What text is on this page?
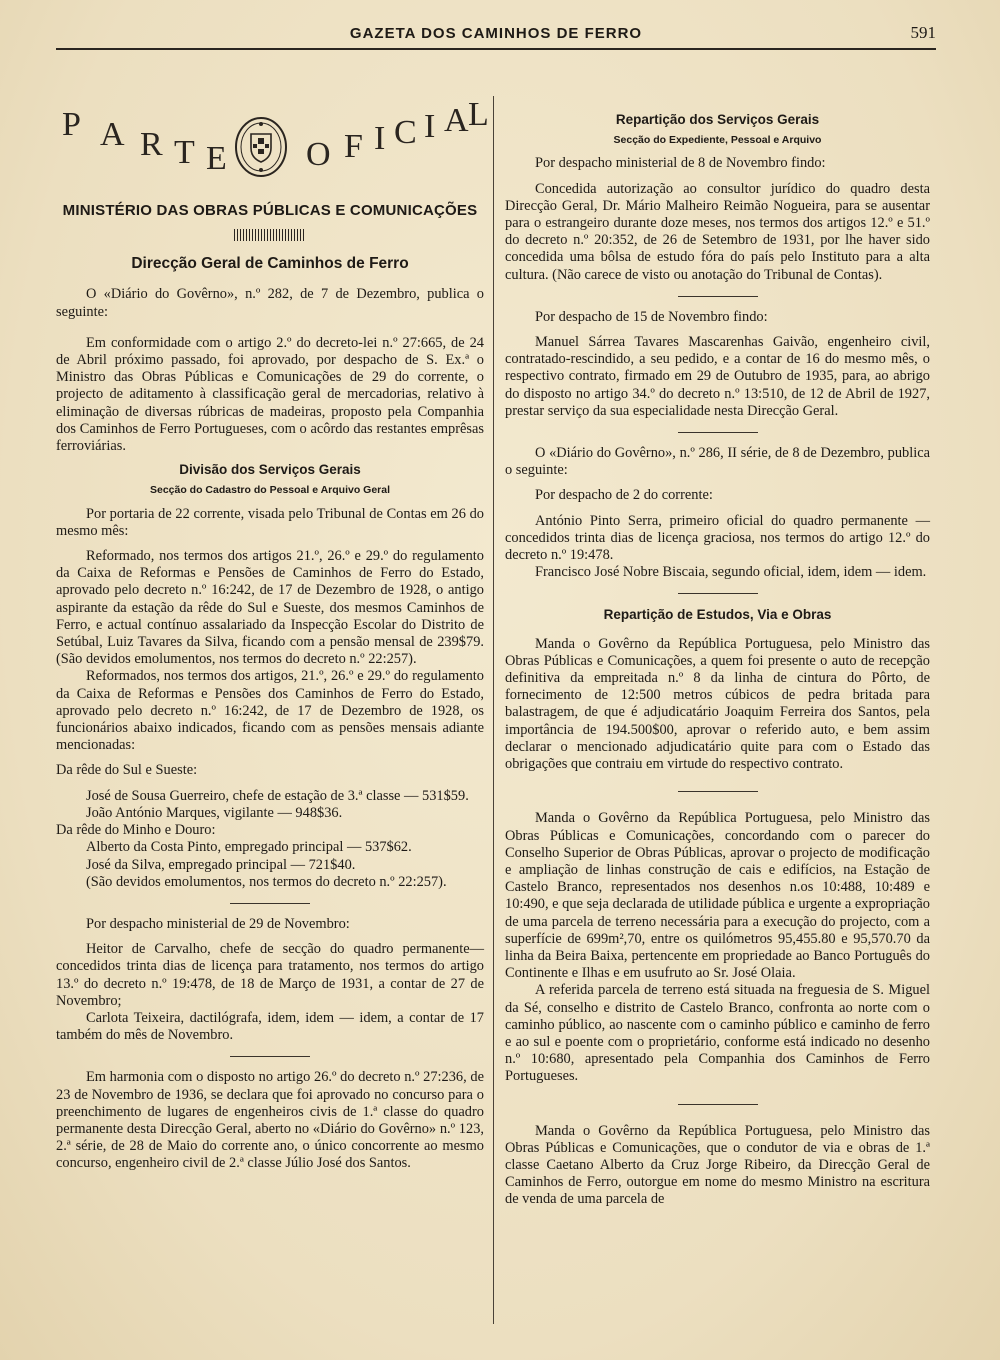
GAZETA DOS CAMINHOS DE FERRO	591
P A R T E O F I C I A
L
MINISTÉRIO DAS OBRAS PÚBLICAS E COMUNICAÇÕES
Direcção Geral de Caminhos de Ferro

O «Diário do Govêrno», n.º 282, de 7 de Dezembro, publica o seguinte:

Em conformidade com o artigo 2.º do decreto-lei n.º 27:665, de 24 de Abril próximo passado, foi aprovado, por despacho de S. Ex.ª o Ministro das Obras Públicas e Comunicações de 29 do corrente, o projecto de aditamento à classificação geral de mercadorias, relativo à eliminação de diversas rúbricas de madeiras, proposto pela Companhia dos Caminhos de Ferro Portugueses, com o acôrdo das restantes emprêsas ferroviárias.

Divisão dos Serviços Gerais
Secção do Cadastro do Pessoal e Arquivo Geral

Por portaria de 22 corrente, visada pelo Tribunal de Contas em 26 do mesmo mês:

Reformado, nos termos dos artigos 21.º, 26.º e 29.º do regulamento da Caixa de Reformas e Pensões de Caminhos de Ferro do Estado, aprovado pelo decreto n.º 16:242, de 17 de Dezembro de 1928, o antigo aspirante da estação da rêde do Sul e Sueste, dos mesmos Caminhos de Ferro, e actual contínuo assalariado da Inspecção Escolar do Distrito de Setúbal, Luiz Tavares da Silva, ficando com a pensão mensal de 239$79. (São devidos emolumentos, nos termos do decreto n.º 22:257).

Reformados, nos termos dos artigos, 21.º, 26.º e 29.º do regulamento da Caixa de Reformas e Pensões dos Caminhos de Ferro do Estado, aprovado pelo decreto n.º 16:242, de 17 de Dezembro de 1928, os funcionários abaixo indicados, ficando com as pensões mensais adiante mencionadas:

Da rêde do Sul e Sueste:

José de Sousa Guerreiro, chefe de estação de 3.ª classe — 531$59.

João António Marques, vigilante — 948$36.

Da rêde do Minho e Douro:

Alberto da Costa Pinto, empregado principal — 537$62.

José da Silva, empregado principal — 721$40.

(São devidos emolumentos, nos termos do decreto n.º 22:257).

Por despacho ministerial de 29 de Novembro:

Heitor de Carvalho, chefe de secção do quadro permanente—concedidos trinta dias de licença para tratamento, nos termos do artigo 13.º do decreto n.º 19:478, de 18 de Março de 1931, a contar de 27 de Novembro;

Carlota Teixeira, dactilógrafa, idem, idem — idem, a contar de 17 também do mês de Novembro.

Em harmonia com o disposto no artigo 26.º do decreto n.º 27:236, de 23 de Novembro de 1936, se declara que foi aprovado no concurso para o preenchimento de lugares de engenheiros civis de 1.ª classe do quadro permanente desta Direcção Geral, aberto no «Diário do Govêrno» n.º 123, 2.ª série, de 28 de Maio do corrente ano, o único concorrente ao mesmo concurso, engenheiro civil de 2.ª classe Júlio José dos Santos.

Repartição dos Serviços Gerais
Secção do Expediente, Pessoal e Arquivo

Por despacho ministerial de 8 de Novembro findo:

Concedida autorização ao consultor jurídico do quadro desta Direcção Geral, Dr. Mário Malheiro Reimão Nogueira, para se ausentar para o estrangeiro durante doze meses, nos termos dos artigos 12.º e 51.º do decreto n.º 20:352, de 26 de Setembro de 1931, por lhe haver sido concedida uma bôlsa de estudo fóra do país pelo Instituto para a alta cultura. (Não carece de visto ou anotação do Tribunal de Contas).

Por despacho de 15 de Novembro findo:

Manuel Sárrea Tavares Mascarenhas Gaivão, engenheiro civil, contratado-rescindido, a seu pedido, e a contar de 16 do mesmo mês, o respectivo contrato, firmado em 29 de Outubro de 1935, para, ao abrigo do disposto no artigo 34.º do decreto n.º 13:510, de 12 de Abril de 1927, prestar serviço da sua especialidade nesta Direcção Geral.

O «Diário do Govêrno», n.º 286, II série, de 8 de Dezembro, publica o seguinte:

Por despacho de 2 do corrente:

António Pinto Serra, primeiro oficial do quadro permanente — concedidos trinta dias de licença graciosa, nos termos do artigo 12.º do decreto n.º 19:478.

Francisco José Nobre Biscaia, segundo oficial, idem, idem — idem.

Repartição de Estudos, Via e Obras

Manda o Govêrno da República Portuguesa, pelo Ministro das Obras Públicas e Comunicações, a quem foi presente o auto de recepção definitiva da empreitada n.º 8 da linha de cintura do Pôrto, de fornecimento de 12:500 metros cúbicos de pedra britada para balastragem, de que é adjudicatário Joaquim Ferreira dos Santos, pela importância de 194.500$00, aprovar o referido auto, e bem assim declarar o mencionado adjudicatário quite para com o Estado das obrigações que contraiu em virtude do respectivo contrato.

Manda o Govêrno da República Portuguesa, pelo Ministro das Obras Públicas e Comunicações, concordando com o parecer do Conselho Superior de Obras Públicas, aprovar o projecto de modificação e ampliação de linhas construção de cais e edifícios, na Estação de Castelo Branco, representados nos desenhos n.os 10:488, 10:489 e 10:490, e que seja declarada de utilidade pública e urgente a expropriação de uma parcela de terreno necessária para a execução do projecto, com a superfície de 699m²,70, entre os quilómetros 95,455.80 e 95,570.70 da linha da Beira Baixa, pertencente em propriedade ao Banco Português do Continente e Ilhas e em usufruto ao Sr. José Olaia.

A referida parcela de terreno está situada na freguesia de S. Miguel da Sé, conselho e distrito de Castelo Branco, confronta ao norte com o caminho público, ao nascente com o caminho público e caminho de ferro e ao sul e poente com o proprietário, conforme está indicado no desenho n.º 10:680, apresentado pela Companhia dos Caminhos de Ferro Portugueses.

Manda o Govêrno da República Portuguesa, pelo Ministro das Obras Públicas e Comunicações, que o condutor de via e obras de 1.ª classe Caetano Alberto da Cruz Jorge Ribeiro, da Direcção Geral de Caminhos de Ferro, outorgue em nome do mesmo Ministro na escritura de venda de uma parcela de
